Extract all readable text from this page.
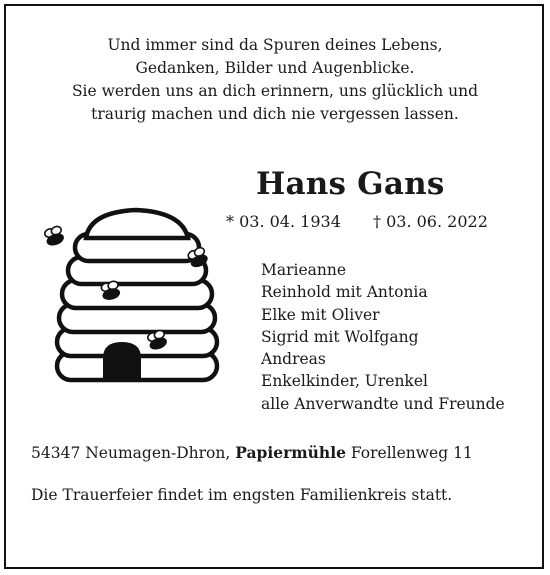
Und immer sind da Spuren deines Lebens,
Gedanken, Bilder und Augenblicke.
Sie werden uns an dich erinnern, uns glücklich und
traurig machen und dich nie vergessen lassen.
Hans Gans
* 03. 04. 1934 † 03. 06. 2022
Marieanne
Reinhold mit Antonia
Elke mit Oliver
Sigrid mit Wolfgang
Andreas
Enkelkinder, Urenkel
alle Anverwandte und Freunde
54347 Neumagen-Dhron, Papiermühle Forellenweg 11
Die Trauerfeier findet im engsten Familienkreis statt.
